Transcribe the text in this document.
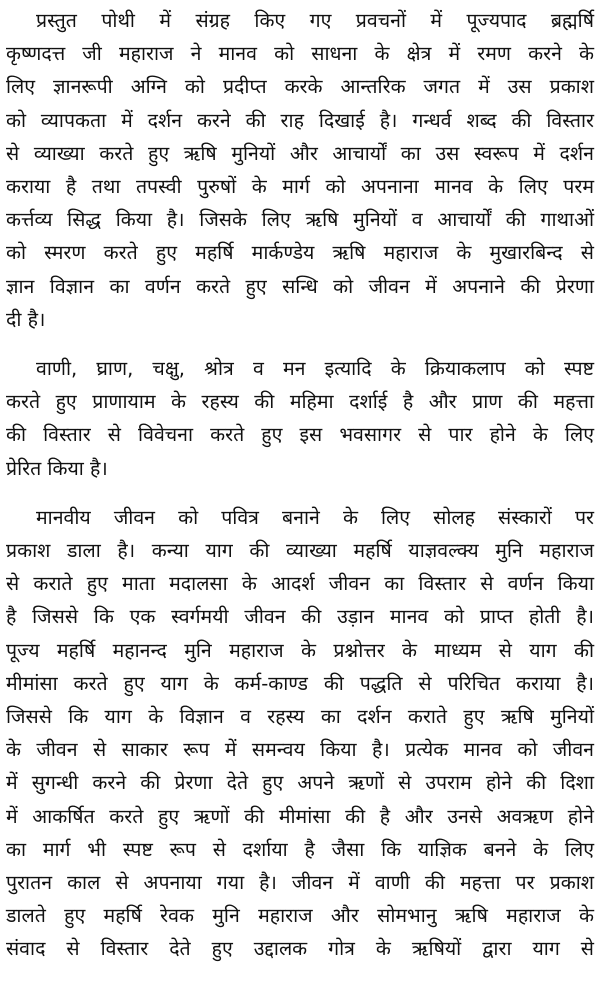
प्रस्तुत पोथी में संग्रह किए गए प्रवचनों में पूज्यपाद ब्रह्मर्षि
कृष्णदत्त जी महाराज ने मानव को साधना के क्षेत्र में रमण करने के
लिए ज्ञानरूपी अग्नि को प्रदीप्त करके आन्तरिक जगत में उस प्रकाश
को व्यापकता में दर्शन करने की राह दिखाई है। गन्धर्व शब्द की विस्तार
से व्याख्या करते हुए ऋषि मुनियों और आचार्यों का उस स्वरूप में दर्शन
कराया है तथा तपस्वी पुरुषों के मार्ग को अपनाना मानव के लिए परम
कर्त्तव्य सिद्ध किया है। जिसके लिए ऋषि मुनियों व आचार्यों की गाथाओं
को स्मरण करते हुए महर्षि मार्कण्डेय ऋषि महाराज के मुखारबिन्द से
ज्ञान विज्ञान का वर्णन करते हुए सन्धि को जीवन में अपनाने की प्रेरणा
दी है।

वाणी, घ्राण, चक्षु, श्रोत्र व मन इत्यादि के क्रियाकलाप को स्पष्ट
करते हुए प्राणायाम के रहस्य की महिमा दर्शाई है और प्राण की महत्ता
की विस्तार से विवेचना करते हुए इस भवसागर से पार होने के लिए
प्रेरित किया है।

मानवीय जीवन को पवित्र बनाने के लिए सोलह संस्कारों पर
प्रकाश डाला है। कन्या याग की व्याख्या महर्षि याज्ञवल्क्य मुनि महाराज
से कराते हुए माता मदालसा के आदर्श जीवन का विस्तार से वर्णन किया
है जिससे कि एक स्वर्गमयी जीवन की उड़ान मानव को प्राप्त होती है।
पूज्य महर्षि महानन्द मुनि महाराज के प्रश्नोत्तर के माध्यम से याग की
मीमांसा करते हुए याग के कर्म-काण्ड की पद्धति से परिचित कराया है।
जिससे कि याग के विज्ञान व रहस्य का दर्शन कराते हुए ऋषि मुनियों
के जीवन से साकार रूप में समन्वय किया है। प्रत्येक मानव को जीवन
में सुगन्धी करने की प्रेरणा देते हुए अपने ऋणों से उपराम होने की दिशा
में आकर्षित करते हुए ऋणों की मीमांसा की है और उनसे अवऋण होने
का मार्ग भी स्पष्ट रूप से दर्शाया है जैसा कि याज्ञिक बनने के लिए
पुरातन काल से अपनाया गया है। जीवन में वाणी की महत्ता पर प्रकाश
डालते हुए महर्षि रेवक मुनि महाराज और सोमभानु ऋषि महाराज के
संवाद से विस्तार देते हुए उद्दालक गोत्र के ऋषियों द्वारा याग से
